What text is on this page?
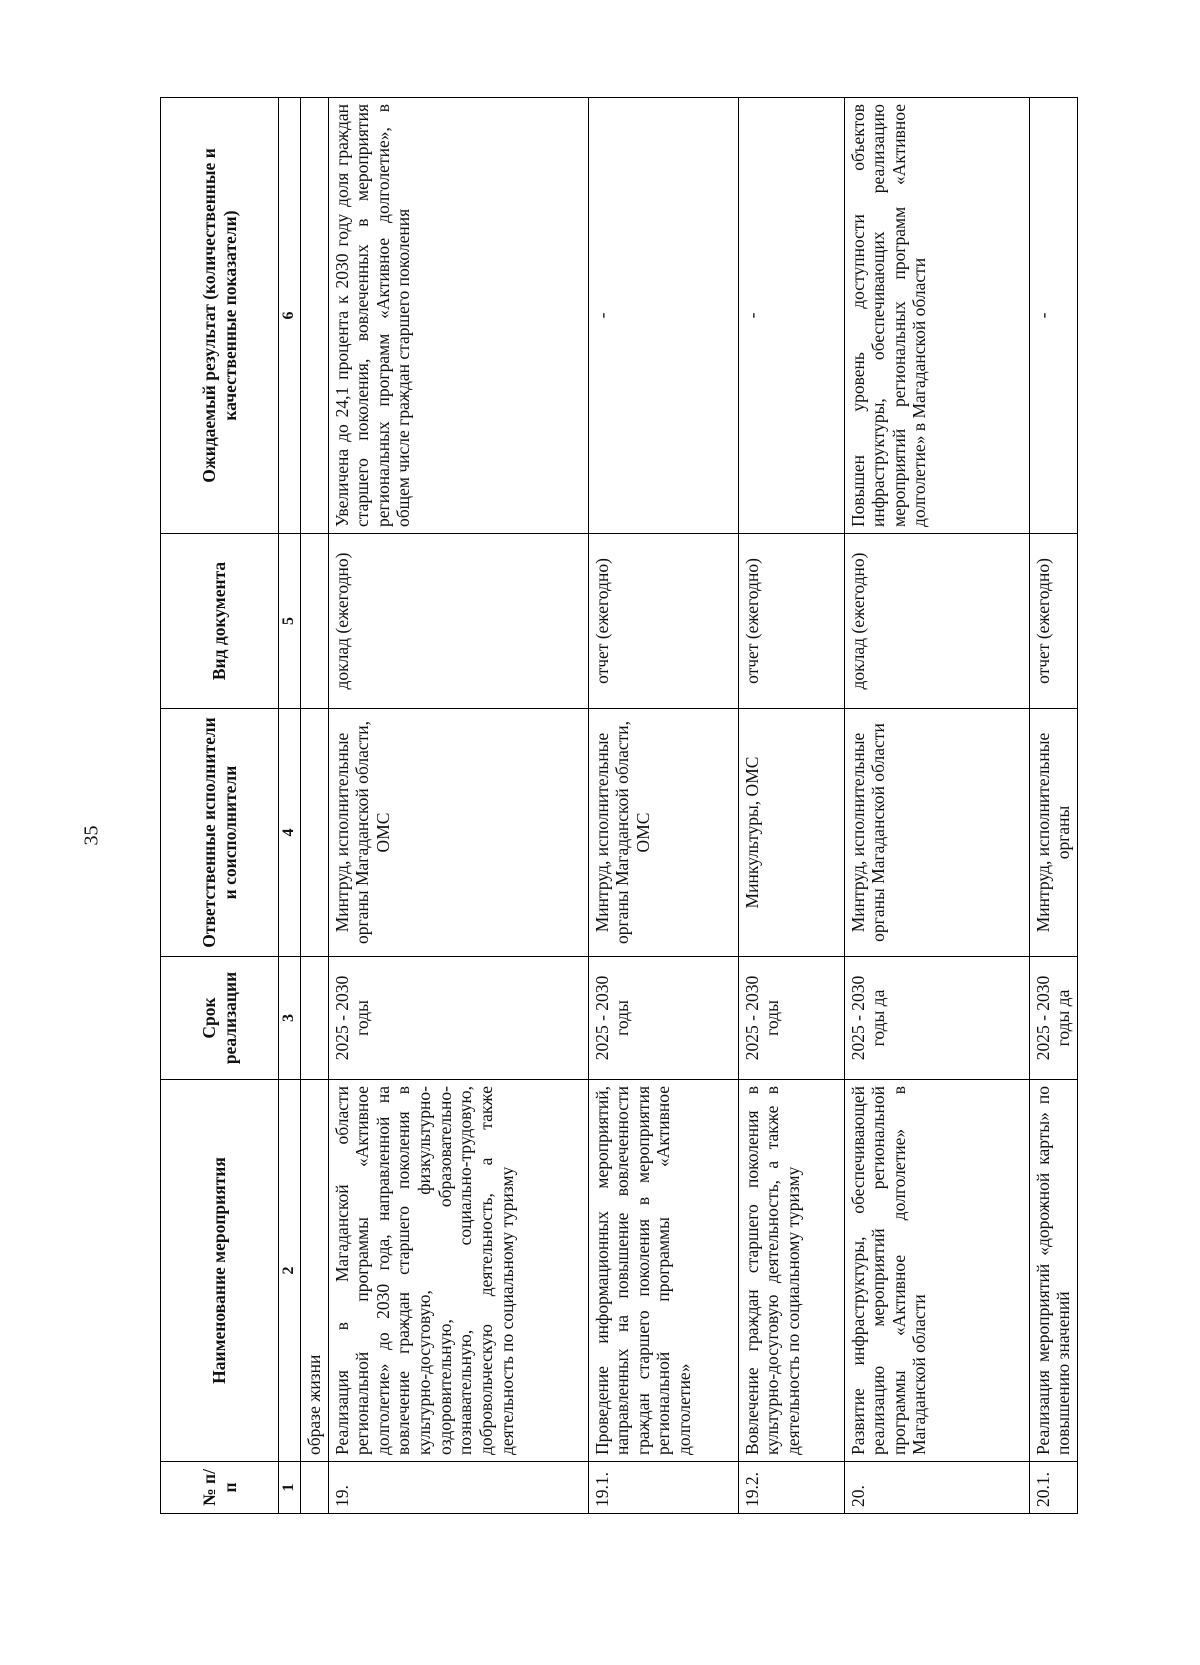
35
№ п/п	Наименование мероприятия	Срок реализации	Ответственные исполнители и соисполнители	Вид документа	Ожидаемый результат (количественные и качественные показатели)
1	2	3	4	5	6
	образе жизни				
19.	Реализация в Магаданской области региональной программы «Активное долголетие» до 2030 года, направленной на вовлечение граждан старшего поколения в культурно-досуговую, физкультурно-оздоровительную, образовательно-познавательную, социально-трудовую, добровольческую деятельность, а также деятельность по социальному туризму	2025 - 2030 годы	Минтруд, исполнительные органы Магаданской области, ОМС	доклад (ежегодно)	Увеличена до 24,1 процента к 2030 году доля граждан старшего поколения, вовлеченных в мероприятия региональных программ «Активное долголетие», в общем числе граждан старшего поколения
19.1.	Проведение информационных мероприятий, направленных на повышение вовлеченности граждан старшего поколения в мероприятия региональной программы «Активное долголетие»	2025 - 2030 годы	Минтруд, исполнительные органы Магаданской области, ОМС	отчет (ежегодно)	-
19.2.	Вовлечение граждан старшего поколения в культурно-досуговую деятельность, а также в деятельность по социальному туризму	2025 - 2030 годы	Минкультуры, ОМС	отчет (ежегодно)	-
20.	Развитие инфраструктуры, обеспечивающей реализацию мероприятий региональной программы «Активное долголетие» в Магаданской области	2025 - 2030 годы да	Минтруд, исполнительные органы Магаданской области	доклад (ежегодно)	Повышен уровень доступности объектов инфраструктуры, обеспечивающих реализацию мероприятий региональных программ «Активное долголетие» в Магаданской области
20.1.	Реализация мероприятий «дорожной карты» по повышению значений	2025 - 2030 годы да	Минтруд, исполнительные органы	отчет (ежегодно)	-
